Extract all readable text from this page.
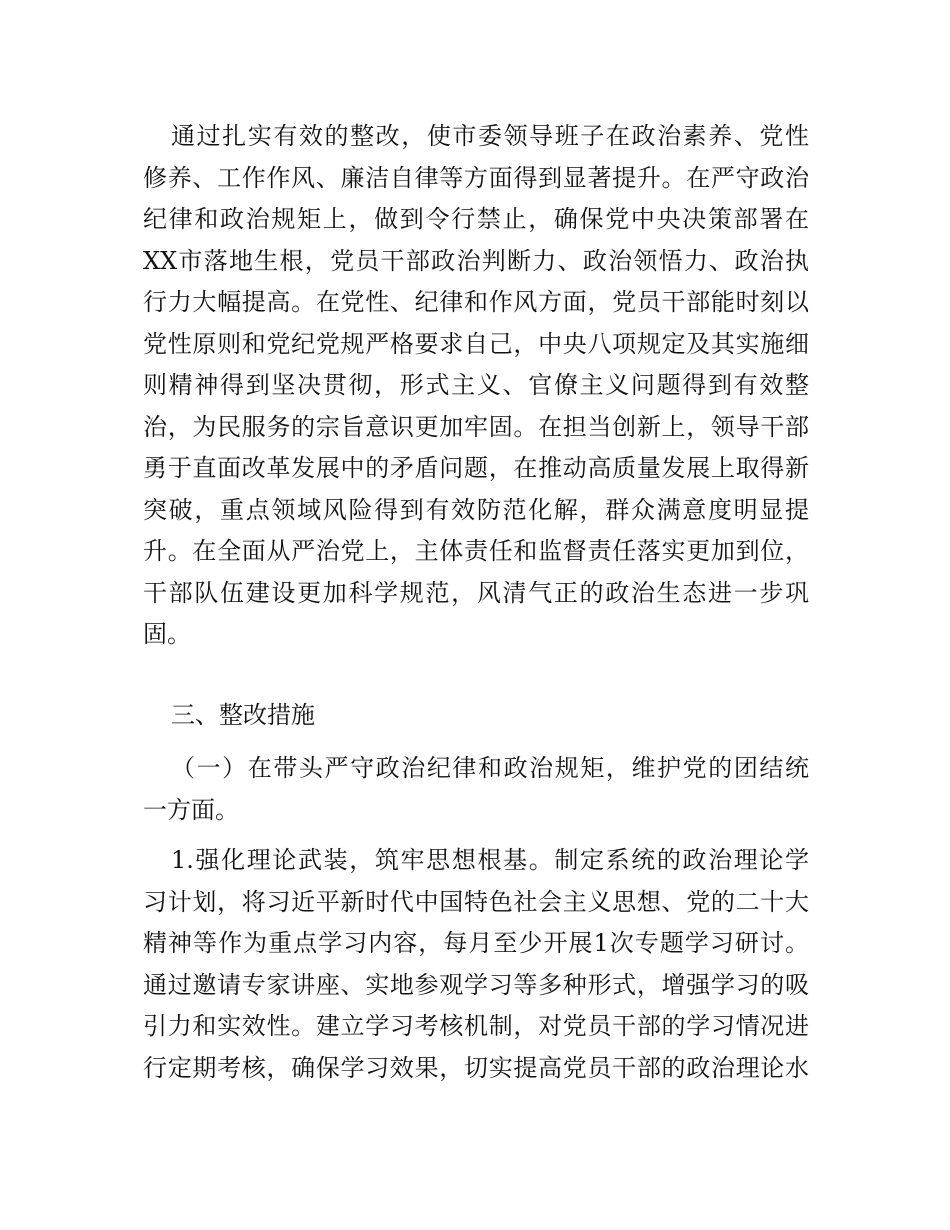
通过扎实有效的整改，使市委领导班子在政治素养、党性
修养、工作作风、廉洁自律等方面得到显著提升。在严守政治
纪律和政治规矩上，做到令行禁止，确保党中央决策部署在
XX市落地生根，党员干部政治判断力、政治领悟力、政治执
行力大幅提高。在党性、纪律和作风方面，党员干部能时刻以
党性原则和党纪党规严格要求自己，中央八项规定及其实施细
则精神得到坚决贯彻，形式主义、官僚主义问题得到有效整
治，为民服务的宗旨意识更加牢固。在担当创新上，领导干部
勇于直面改革发展中的矛盾问题，在推动高质量发展上取得新
突破，重点领域风险得到有效防范化解，群众满意度明显提
升。在全面从严治党上，主体责任和监督责任落实更加到位，
干部队伍建设更加科学规范，风清气正的政治生态进一步巩
固。
三、整改措施
（一）在带头严守政治纪律和政治规矩，维护党的团结统
一方面。
1.强化理论武装，筑牢思想根基。制定系统的政治理论学
习计划，将习近平新时代中国特色社会主义思想、党的二十大
精神等作为重点学习内容，每月至少开展1次专题学习研讨。
通过邀请专家讲座、实地参观学习等多种形式，增强学习的吸
引力和实效性。建立学习考核机制，对党员干部的学习情况进
行定期考核，确保学习效果，切实提高党员干部的政治理论水
